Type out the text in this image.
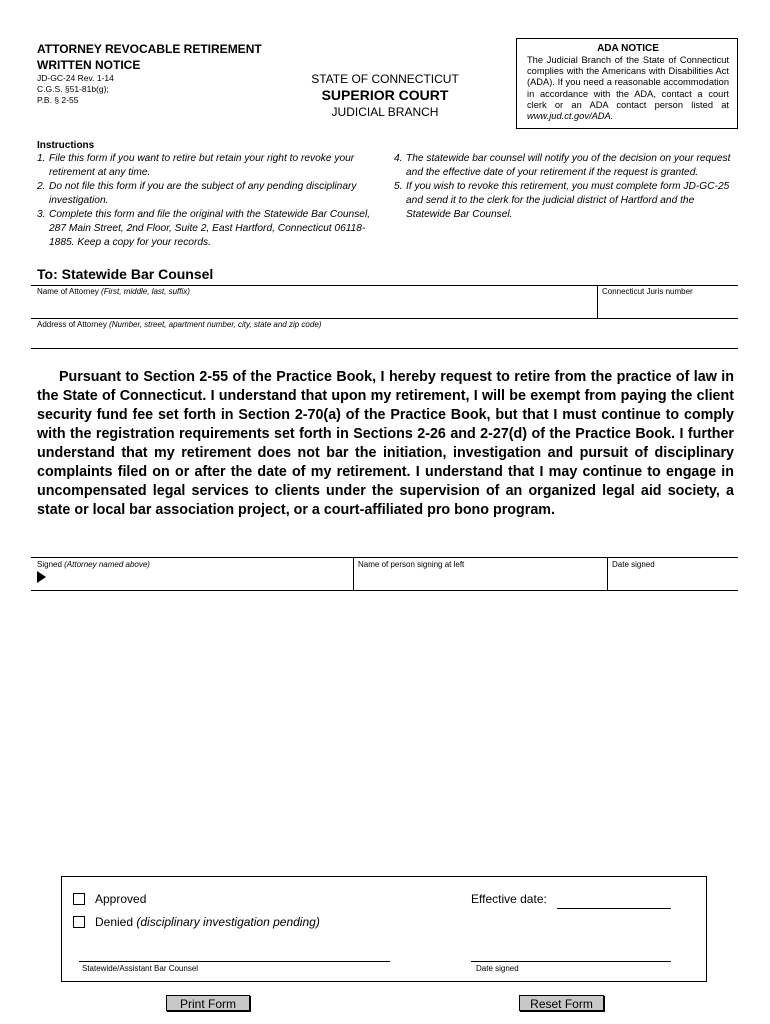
ATTORNEY REVOCABLE RETIREMENT
WRITTEN NOTICE
JD-GC-24 Rev. 1-14
C.G.S. §51-81b(g);
P.B. § 2-55
STATE OF CONNECTICUT
SUPERIOR COURT
JUDICIAL BRANCH
ADA NOTICE
The Judicial Branch of the State of Connecticut complies with the Americans with Disabilities Act (ADA). If you need a reasonable accommodation in accordance with the ADA, contact a court clerk or an ADA contact person listed at www.jud.ct.gov/ADA.
Instructions
1. File this form if you want to retire but retain your right to revoke your retirement at any time.
2. Do not file this form if you are the subject of any pending disciplinary investigation.
3. Complete this form and file the original with the Statewide Bar Counsel, 287 Main Street, 2nd Floor, Suite 2, East Hartford, Connecticut 06118-1885. Keep a copy for your records.
4. The statewide bar counsel will notify you of the decision on your request and the effective date of your retirement if the request is granted.
5. If you wish to revoke this retirement, you must complete form JD-GC-25 and send it to the clerk for the judicial district of Hartford and the Statewide Bar Counsel.
To: Statewide Bar Counsel
Name of Attorney (First, middle, last, suffix)	Connecticut Juris number
Address of Attorney (Number, street, apartment number, city, state and zip code)
Pursuant to Section 2-55 of the Practice Book, I hereby request to retire from the practice of law in the State of Connecticut. I understand that upon my retirement, I will be exempt from paying the client security fund fee set forth in Section 2-70(a) of the Practice Book, but that I must continue to comply with the registration requirements set forth in Sections 2-26 and 2-27(d) of the Practice Book. I further understand that my retirement does not bar the initiation, investigation and pursuit of disciplinary complaints filed on or after the date of my retirement. I understand that I may continue to engage in uncompensated legal services to clients under the supervision of an organized legal aid society, a state or local bar association project, or a court-affiliated pro bono program.
Signed (Attorney named above)	Name of person signing at left	Date signed
Approved
Denied (disciplinary investigation pending)
Effective date:
Statewide/Assistant Bar Counsel	Date signed
Print Form	Reset Form
